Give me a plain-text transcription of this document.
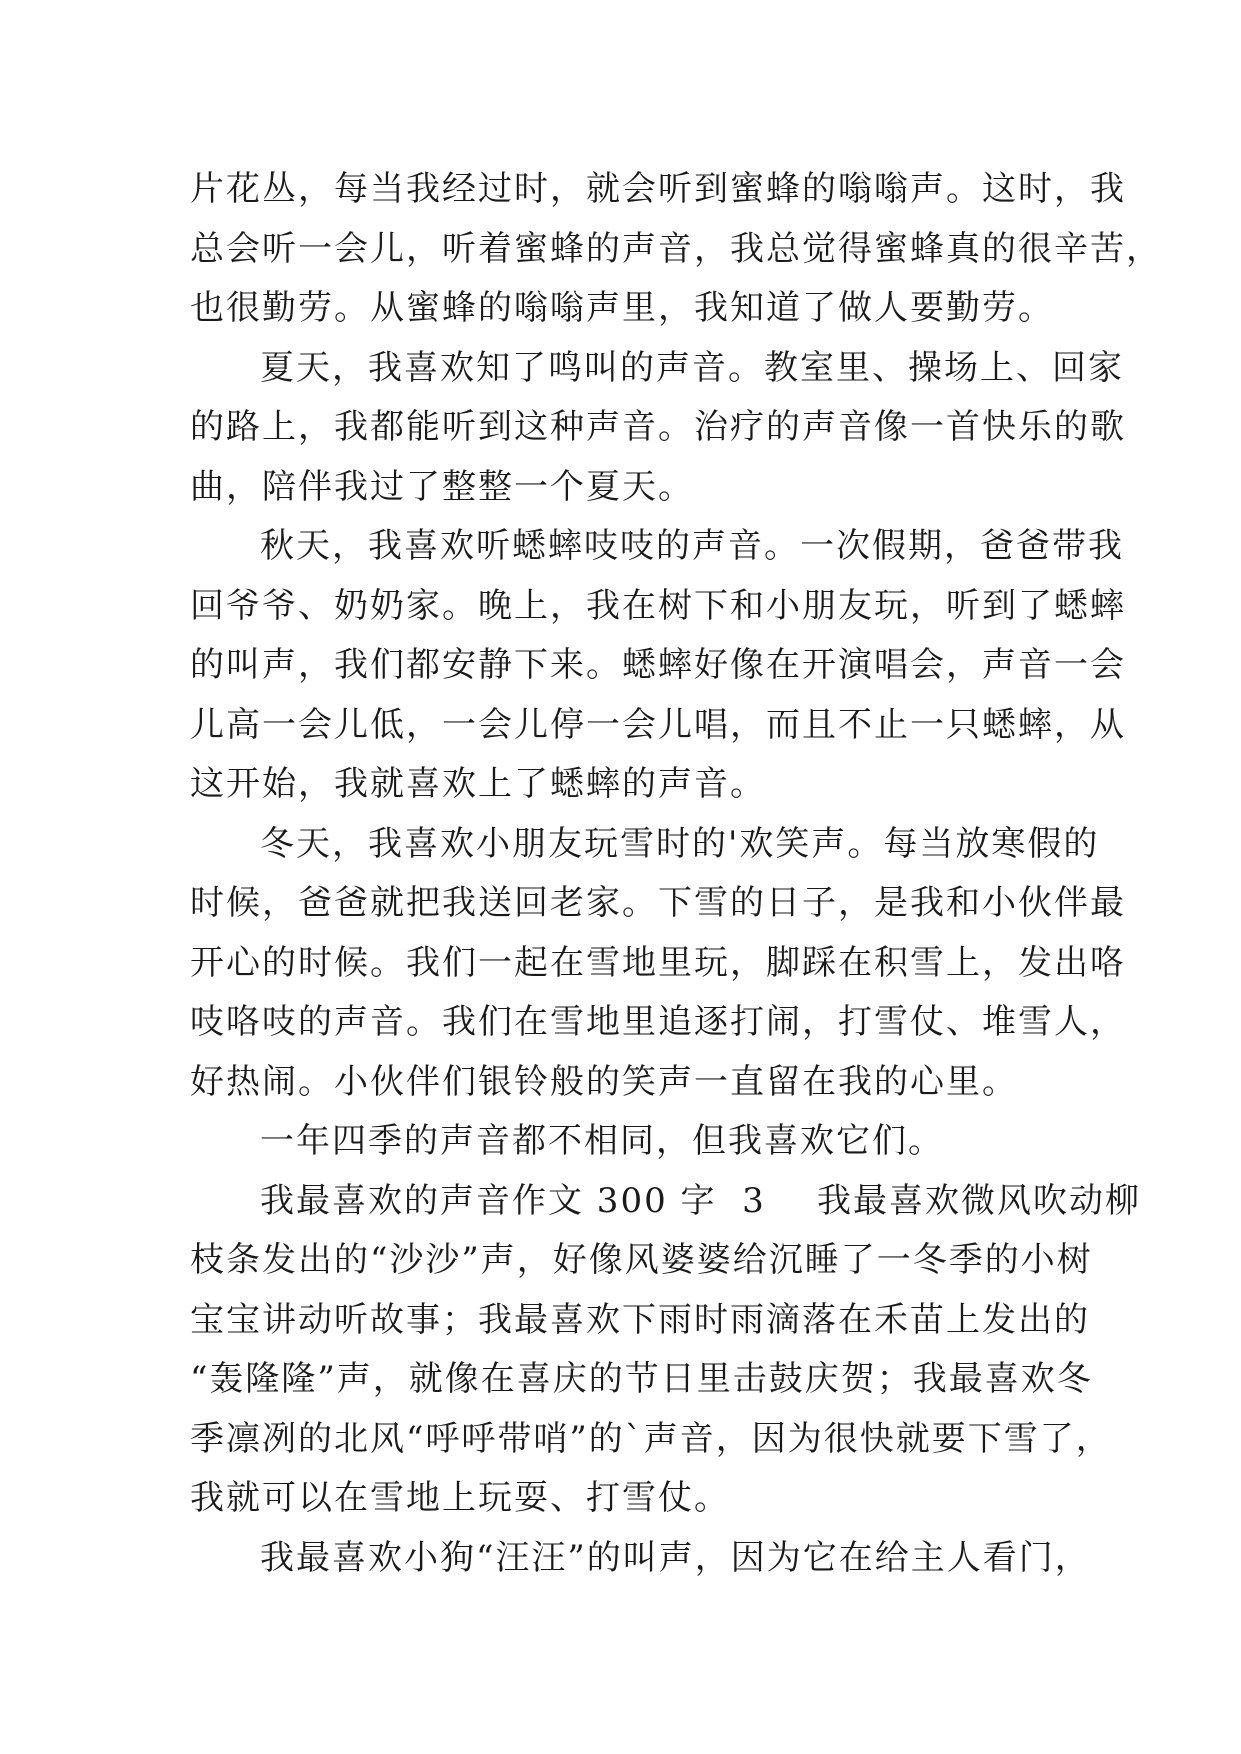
片花丛，每当我经过时，就会听到蜜蜂的嗡嗡声。这时，我
总会听一会儿，听着蜜蜂的声音，我总觉得蜜蜂真的很辛苦，
也很勤劳。从蜜蜂的嗡嗡声里，我知道了做人要勤劳。
夏天，我喜欢知了鸣叫的声音。教室里、操场上、回家
的路上，我都能听到这种声音。治疗的声音像一首快乐的歌
曲，陪伴我过了整整一个夏天。
秋天，我喜欢听蟋蟀吱吱的声音。一次假期，爸爸带我
回爷爷、奶奶家。晚上，我在树下和小朋友玩，听到了蟋蟀
的叫声，我们都安静下来。蟋蟀好像在开演唱会，声音一会
儿高一会儿低，一会儿停一会儿唱，而且不止一只蟋蟀，从
这开始，我就喜欢上了蟋蟀的声音。
冬天，我喜欢小朋友玩雪时的'欢笑声。每当放寒假的
时候，爸爸就把我送回老家。下雪的日子，是我和小伙伴最
开心的时候。我们一起在雪地里玩，脚踩在积雪上，发出咯
吱咯吱的声音。我们在雪地里追逐打闹，打雪仗、堆雪人，
好热闹。小伙伴们银铃般的笑声一直留在我的心里。
一年四季的声音都不相同，但我喜欢它们。
我最喜欢的声音作文 300 字  3    我最喜欢微风吹动柳
枝条发出的“沙沙”声，好像风婆婆给沉睡了一冬季的小树
宝宝讲动听故事；我最喜欢下雨时雨滴落在禾苗上发出的
“轰隆隆”声，就像在喜庆的节日里击鼓庆贺；我最喜欢冬
季凛冽的北风“呼呼带哨”的`声音，因为很快就要下雪了，
我就可以在雪地上玩耍、打雪仗。
我最喜欢小狗“汪汪”的叫声，因为它在给主人看门，
